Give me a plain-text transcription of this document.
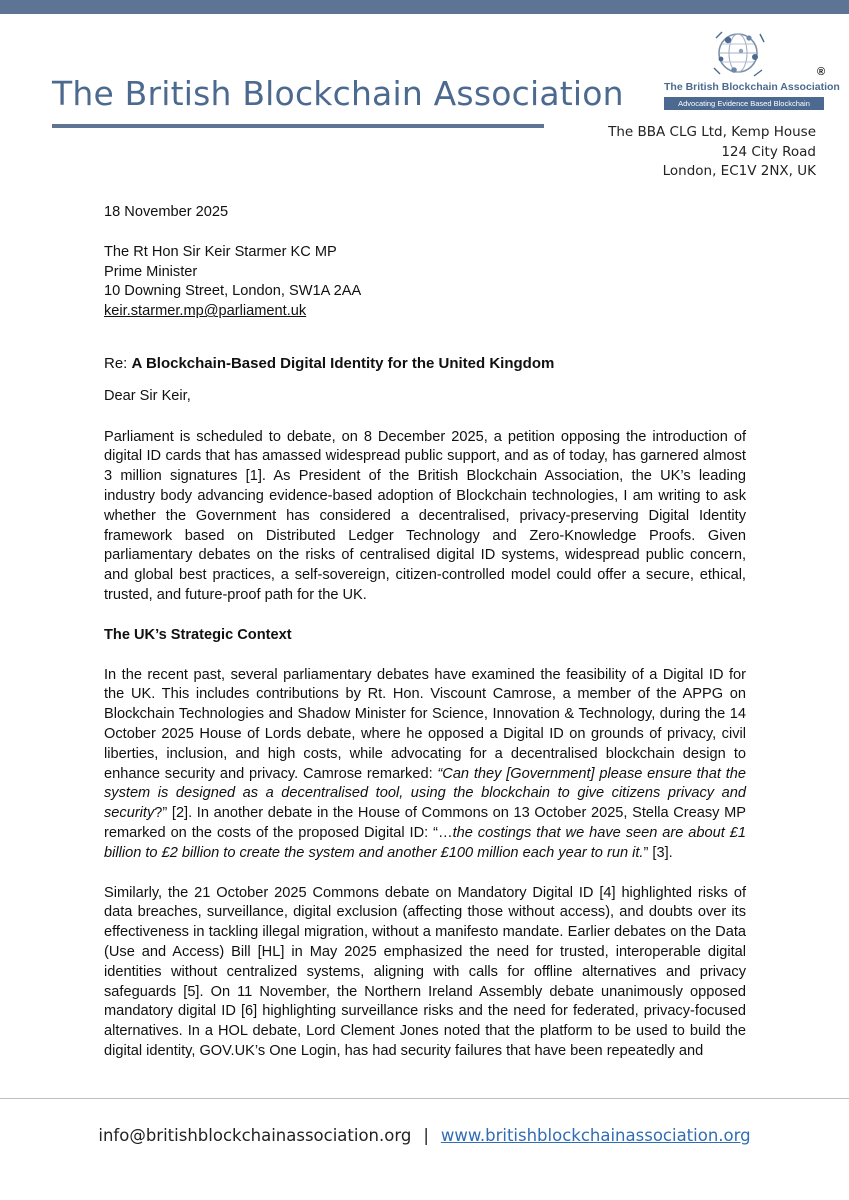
The British Blockchain Association
®
The British Blockchain Association
Advocating Evidence Based Blockchain
The BBA CLG Ltd, Kemp House
124 City Road
London, EC1V 2NX, UK

18 November 2025

The Rt Hon Sir Keir Starmer KC MP

Prime Minister

10 Downing Street, London, SW1A 2AA

keir.starmer.mp@parliament.uk

Re: A Blockchain-Based Digital Identity for the United Kingdom

Dear Sir Keir,

Parliament is scheduled to debate, on 8 December 2025, a petition opposing the introduction of digital ID cards that has amassed widespread public support, and as of today, has garnered almost 3 million signatures [1]. As President of the British Blockchain Association, the UK’s leading industry body advancing evidence-based adoption of Blockchain technologies, I am writing to ask whether the Government has considered a decentralised, privacy-preserving Digital Identity framework based on Distributed Ledger Technology and Zero-Knowledge Proofs. Given parliamentary debates on the risks of centralised digital ID systems, widespread public concern, and global best practices, a self-sovereign, citizen-controlled model could offer a secure, ethical, trusted, and future-proof path for the UK.

The UK’s Strategic Context

In the recent past, several parliamentary debates have examined the feasibility of a Digital ID for the UK. This includes contributions by Rt. Hon. Viscount Camrose, a member of the APPG on Blockchain Technologies and Shadow Minister for Science, Innovation & Technology, during the 14 October 2025 House of Lords debate, where he opposed a Digital ID on grounds of privacy, civil liberties, inclusion, and high costs, while advocating for a decentralised blockchain design to enhance security and privacy. Camrose remarked: “Can they [Government] please ensure that the system is designed as a decentralised tool, using the blockchain to give citizens privacy and security?” [2]. In another debate in the House of Commons on 13 October 2025, Stella Creasy MP remarked on the costs of the proposed Digital ID: “…the costings that we have seen are about £1 billion to £2 billion to create the system and another £100 million each year to run it.” [3].

Similarly, the 21 October 2025 Commons debate on Mandatory Digital ID [4] highlighted risks of data breaches, surveillance, digital exclusion (affecting those without access), and doubts over its effectiveness in tackling illegal migration, without a manifesto mandate. Earlier debates on the Data (Use and Access) Bill [HL] in May 2025 emphasized the need for trusted, interoperable digital identities without centralized systems, aligning with calls for offline alternatives and privacy safeguards [5]. On 11 November, the Northern Ireland Assembly debate unanimously opposed mandatory digital ID [6] highlighting surveillance risks and the need for federated, privacy-focused alternatives. In a HOL debate, Lord Clement Jones noted that the platform to be used to build the digital identity, GOV.UK’s One Login, has had security failures that have been repeatedly and

info@britishblockchainassociation.org | www.britishblockchainassociation.org
